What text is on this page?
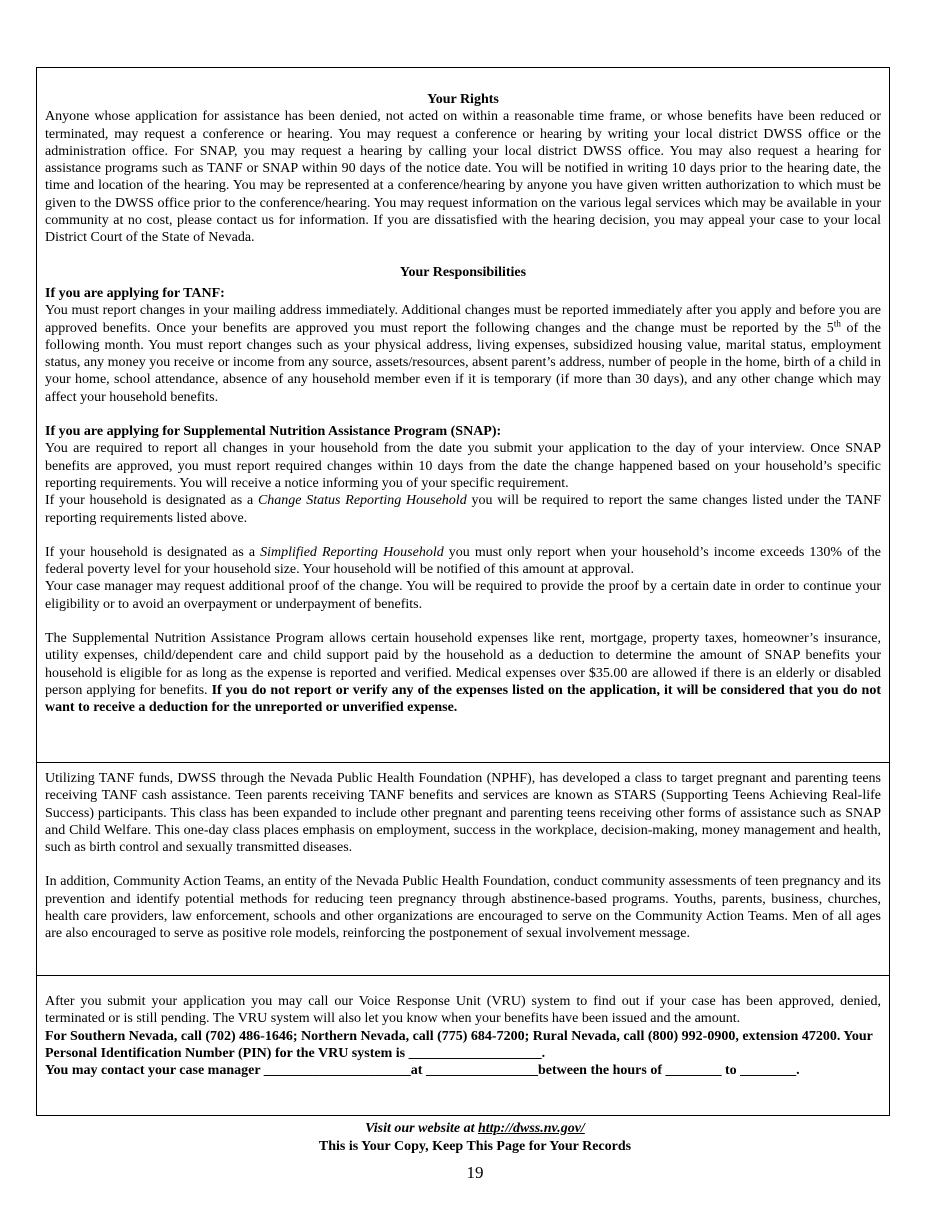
Your Rights

Anyone whose application for assistance has been denied, not acted on within a reasonable time frame, or whose benefits have been reduced or terminated, may request a conference or hearing. You may request a conference or hearing by writing your local district DWSS office or the administration office. For SNAP, you may request a hearing by calling your local district DWSS office. You may also request a hearing for assistance programs such as TANF or SNAP within 90 days of the notice date. You will be notified in writing 10 days prior to the hearing date, the time and location of the hearing. You may be represented at a conference/hearing by anyone you have given written authorization to which must be given to the DWSS office prior to the conference/hearing. You may request information on the various legal services which may be available in your community at no cost, please contact us for information. If you are dissatisfied with the hearing decision, you may appeal your case to your local District Court of the State of Nevada.

Your Responsibilities

If you are applying for TANF:

You must report changes in your mailing address immediately. Additional changes must be reported immediately after you apply and before you are approved benefits. Once your benefits are approved you must report the following changes and the change must be reported by the 5th of the following month. You must report changes such as your physical address, living expenses, subsidized housing value, marital status, employment status, any money you receive or income from any source, assets/resources, absent parent’s address, number of people in the home, birth of a child in your home, school attendance, absence of any household member even if it is temporary (if more than 30 days), and any other change which may affect your household benefits.

If you are applying for Supplemental Nutrition Assistance Program (SNAP):

You are required to report all changes in your household from the date you submit your application to the day of your interview. Once SNAP benefits are approved, you must report required changes within 10 days from the date the change happened based on your household’s specific reporting requirements. You will receive a notice informing you of your specific requirement.

If your household is designated as a Change Status Reporting Household you will be required to report the same changes listed under the TANF reporting requirements listed above.

If your household is designated as a Simplified Reporting Household you must only report when your household’s income exceeds 130% of the federal poverty level for your household size. Your household will be notified of this amount at approval.

Your case manager may request additional proof of the change. You will be required to provide the proof by a certain date in order to continue your eligibility or to avoid an overpayment or underpayment of benefits.

The Supplemental Nutrition Assistance Program allows certain household expenses like rent, mortgage, property taxes, homeowner’s insurance, utility expenses, child/dependent care and child support paid by the household as a deduction to determine the amount of SNAP benefits your household is eligible for as long as the expense is reported and verified. Medical expenses over $35.00 are allowed if there is an elderly or disabled person applying for benefits. If you do not report or verify any of the expenses listed on the application, it will be considered that you do not want to receive a deduction for the unreported or unverified expense.

Utilizing TANF funds, DWSS through the Nevada Public Health Foundation (NPHF), has developed a class to target pregnant and parenting teens receiving TANF cash assistance. Teen parents receiving TANF benefits and services are known as STARS (Supporting Teens Achieving Real-life Success) participants. This class has been expanded to include other pregnant and parenting teens receiving other forms of assistance such as SNAP and Child Welfare. This one-day class places emphasis on employment, success in the workplace, decision-making, money management and health, such as birth control and sexually transmitted diseases.

In addition, Community Action Teams, an entity of the Nevada Public Health Foundation, conduct community assessments of teen pregnancy and its prevention and identify potential methods for reducing teen pregnancy through abstinence-based programs. Youths, parents, business, churches, health care providers, law enforcement, schools and other organizations are encouraged to serve on the Community Action Teams. Men of all ages are also encouraged to serve as positive role models, reinforcing the postponement of sexual involvement message.

After you submit your application you may call our Voice Response Unit (VRU) system to find out if your case has been approved, denied, terminated or is still pending. The VRU system will also let you know when your benefits have been issued and the amount.

For Southern Nevada, call (702) 486-1646; Northern Nevada, call (775) 684-7200; Rural Nevada, call (800) 992-0900, extension 47200. Your Personal Identification Number (PIN) for the VRU system is ___________________.

You may contact your case manager _____________________at ________________between the hours of ________ to ________.

Visit our website at http://dwss.nv.gov/
This is Your Copy, Keep This Page for Your Records
19
